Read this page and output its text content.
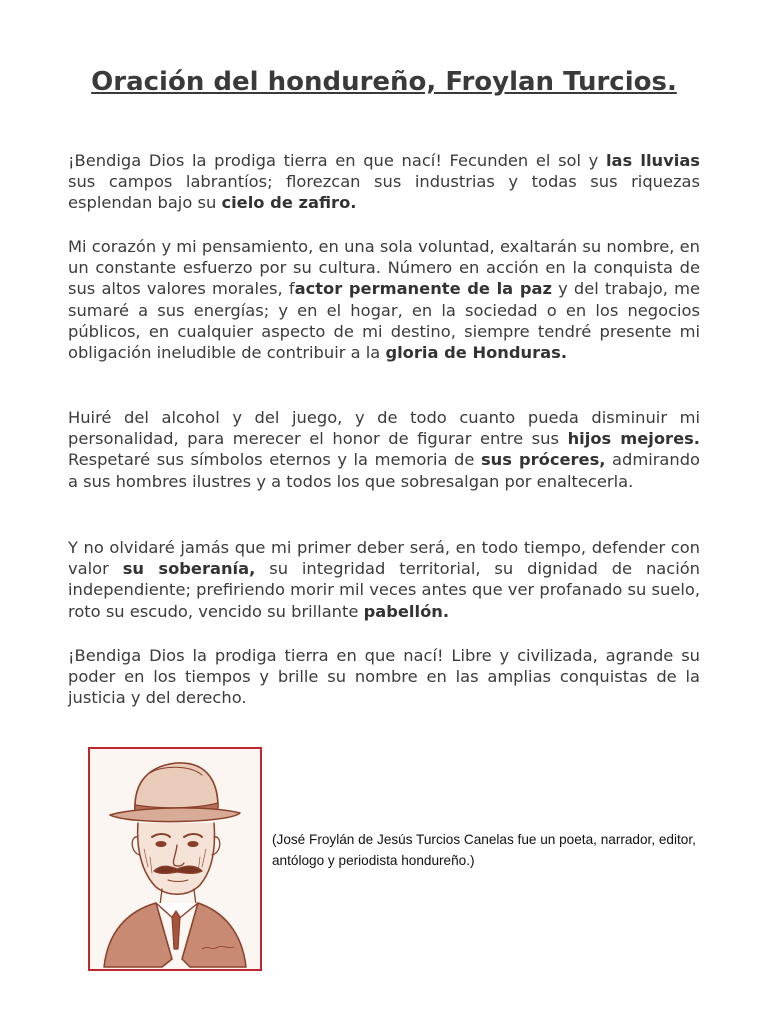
Oración del hondureño, Froylan Turcios.

¡Bendiga Dios la prodiga tierra en que nací! Fecunden el sol y las lluvias sus campos labrantíos; florezcan sus industrias y todas sus riquezas esplendan bajo su cielo de zafiro.

Mi corazón y mi pensamiento, en una sola voluntad, exaltarán su nombre, en un constante esfuerzo por su cultura. Número en acción en la conquista de sus altos valores morales, factor permanente de la paz y del trabajo, me sumaré a sus energías; y en el hogar, en la sociedad o en los negocios públicos, en cualquier aspecto de mi destino, siempre tendré presente mi obligación ineludible de contribuir a la gloria de Honduras.

Huiré del alcohol y del juego, y de todo cuanto pueda disminuir mi personalidad, para merecer el honor de figurar entre sus hijos mejores. Respetaré sus símbolos eternos y la memoria de sus próceres, admirando a sus hombres ilustres y a todos los que sobresalgan por enaltecerla.

Y no olvidaré jamás que mi primer deber será, en todo tiempo, defender con valor su soberanía, su integridad territorial, su dignidad de nación independiente; prefiriendo morir mil veces antes que ver profanado su suelo, roto su escudo, vencido su brillante pabellón.

¡Bendiga Dios la prodiga tierra en que nací! Libre y civilizada, agrande su poder en los tiempos y brille su nombre en las amplias conquistas de la justicia y del derecho.

(José Froylán de Jesús Turcios Canelas fue un poeta, narrador, editor, antólogo y periodista hondureño.)
